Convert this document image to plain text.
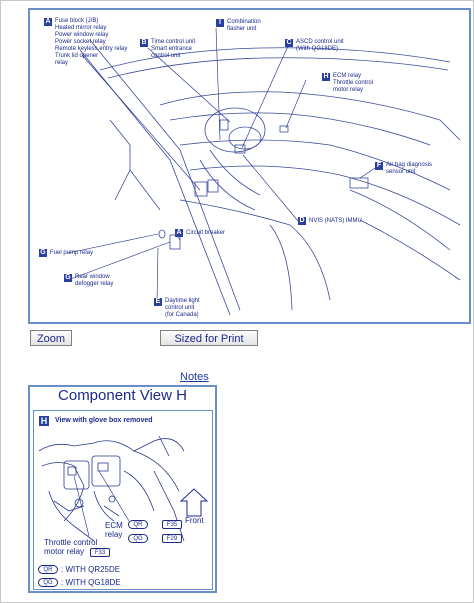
A Fuse block (J/B)
Heated mirror relay
Power window relay
Power socket relay
Remote keyless entry relay
Trunk lid opener
relay
B Time control unit
Smart entrance
control unit
I	Combination
flasher unit
C ASCD control unit
(With QG18DE)
H ECM relay
Throttle control
motor relay
F Air bag diagnosis
sensor unit
D NVIS (NATS) IMMU
A Circuit breaker
G Fuel pump relay
G Rear window
defogger relay
E Daytime light
control unit
(for Canada)
Zoom	Sized for Print
Notes
Component View H
H View with glove box removed
ECM
relay
QR
QG
F35
F29
Front
Throttle control
motor relay	F33
QR	: WITH QR25DE
QG	: WITH QG18DE
